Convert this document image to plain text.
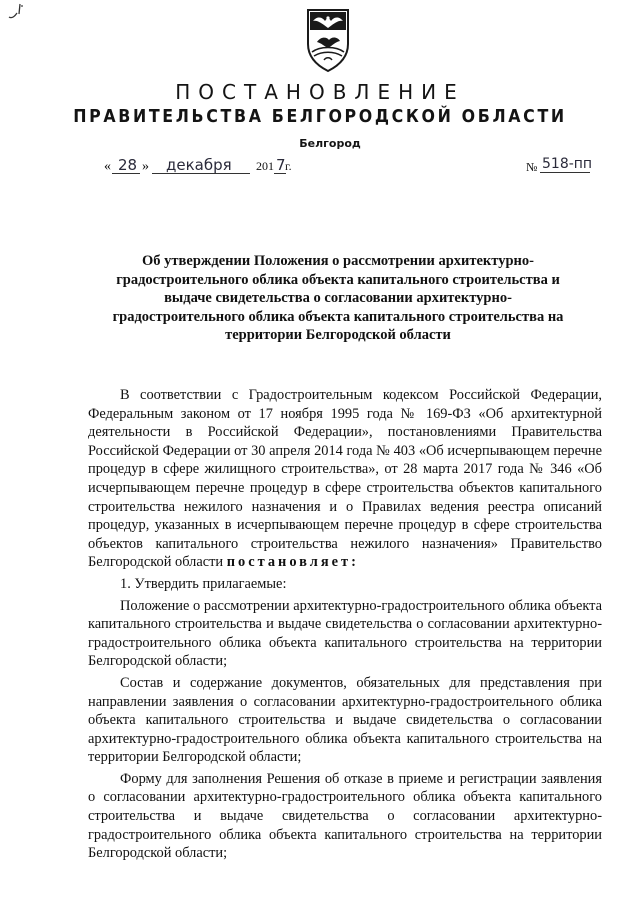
ПОСТАНОВЛЕНИЕ
ПРАВИТЕЛЬСТВА БЕЛГОРОДСКОЙ ОБЛАСТИ
Белгород
« 28 » декабря 201 7 г.	№ 518-пп
Об утверждении Положения о рассмотрении архитектурно-
градостроительного облика объекта капитального строительства и
выдаче свидетельства о согласовании архитектурно-
градостроительного облика объекта капитального строительства на
территории Белгородской области

В соответствии с Градостроительным кодексом Российской Федерации, Федеральным законом от 17 ноября 1995 года № 169-ФЗ «Об архитектурной деятельности в Российской Федерации», постановлениями Правительства Российской Федерации от 30 апреля 2014 года № 403 «Об исчерпывающем перечне процедур в сфере жилищного строительства», от 28 марта 2017 года № 346 «Об исчерпывающем перечне процедур в сфере строительства объектов капитального строительства нежилого назначения и о Правилах ведения реестра описаний процедур, указанных в исчерпывающем перечне процедур в сфере строительства объектов капитального строительства нежилого назначения» Правительство Белгородской области постановляет:

1. Утвердить прилагаемые:

Положение о рассмотрении архитектурно-градостроительного облика объекта капитального строительства и выдаче свидетельства о согласовании архитектурно-градостроительного облика объекта капитального строительства на территории Белгородской области;

Состав и содержание документов, обязательных для представления при направлении заявления о согласовании архитектурно-градостроительного облика объекта капитального строительства и выдаче свидетельства о согласовании архитектурно-градостроительного облика объекта капитального строительства на территории Белгородской области;

Форму для заполнения Решения об отказе в приеме и регистрации заявления о согласовании архитектурно-градостроительного облика объекта капитального строительства и выдаче свидетельства о согласовании архитектурно-градостроительного облика объекта капитального строительства на территории Белгородской области;
